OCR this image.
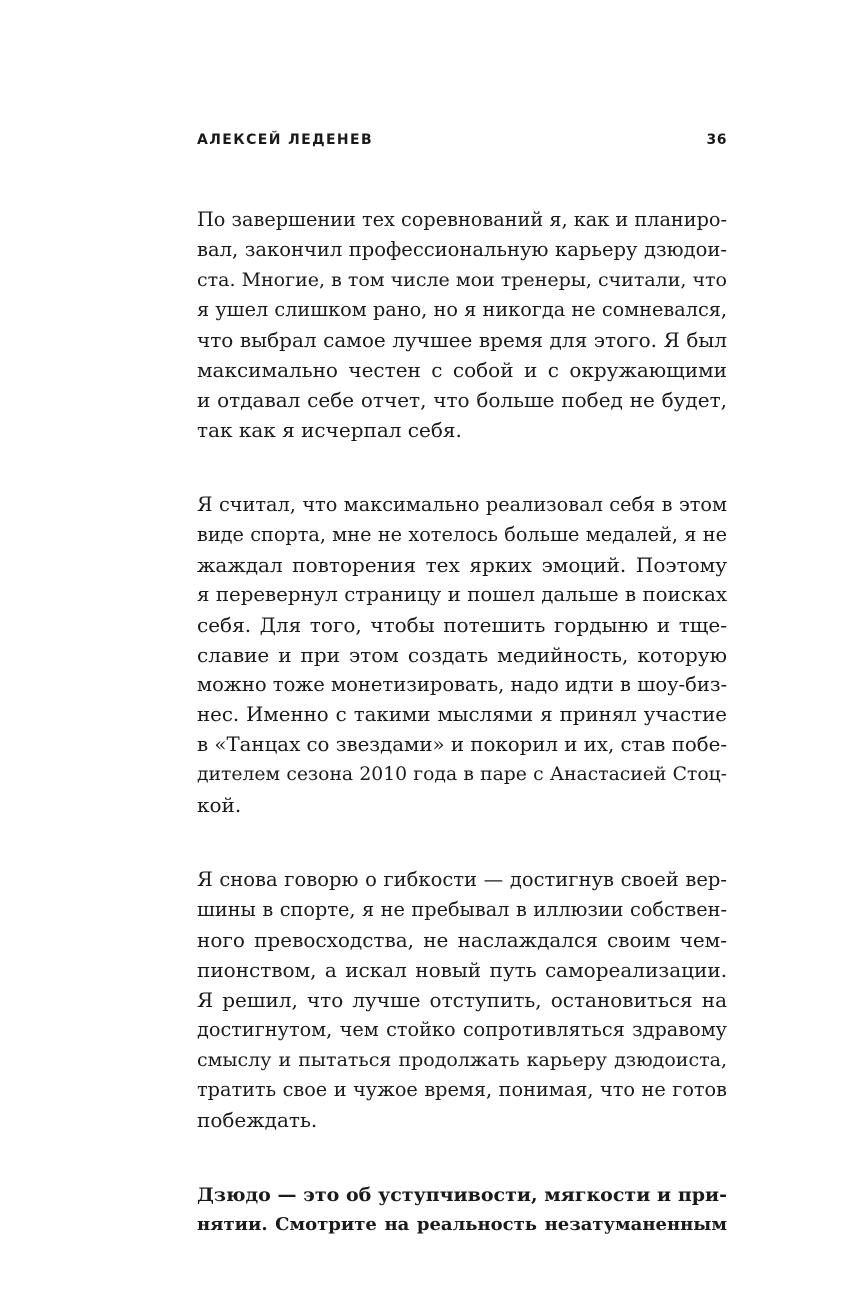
АЛЕКСЕЙ ЛЕДЕНЕВ	36
По завершении тех соревнований я, как и планиро-
вал, закончил профессиональную карьеру дзюдои-
ста. Многие, в том числе мои тренеры, считали, что
я ушел слишком рано, но я никогда не сомневался,
что выбрал самое лучшее время для этого. Я был
максимально честен с собой и с окружающими
и отдавал себе отчет, что больше побед не будет,
так как я исчерпал себя.
Я считал, что максимально реализовал себя в этом
виде спорта, мне не хотелось больше медалей, я не
жаждал повторения тех ярких эмоций. Поэтому
я перевернул страницу и пошел дальше в поисках
себя. Для того, чтобы потешить гордыню и тще-
славие и при этом создать медийность, которую
можно тоже монетизировать, надо идти в шоу-биз-
нес. Именно с такими мыслями я принял участие
в «Танцах со звездами» и покорил и их, став побе-
дителем сезона 2010 года в паре с Анастасией Стоц-
кой.
Я снова говорю о гибкости — достигнув своей вер-
шины в спорте, я не пребывал в иллюзии собствен-
ного превосходства, не наслаждался своим чем-
пионством, а искал новый путь самореализации.
Я решил, что лучше отступить, остановиться на
достигнутом, чем стойко сопротивляться здравому
смыслу и пытаться продолжать карьеру дзюдоиста,
тратить свое и чужое время, понимая, что не готов
побеждать.
Дзюдо — это об уступчивости, мягкости и при-
нятии. Смотрите на реальность незатуманенным
